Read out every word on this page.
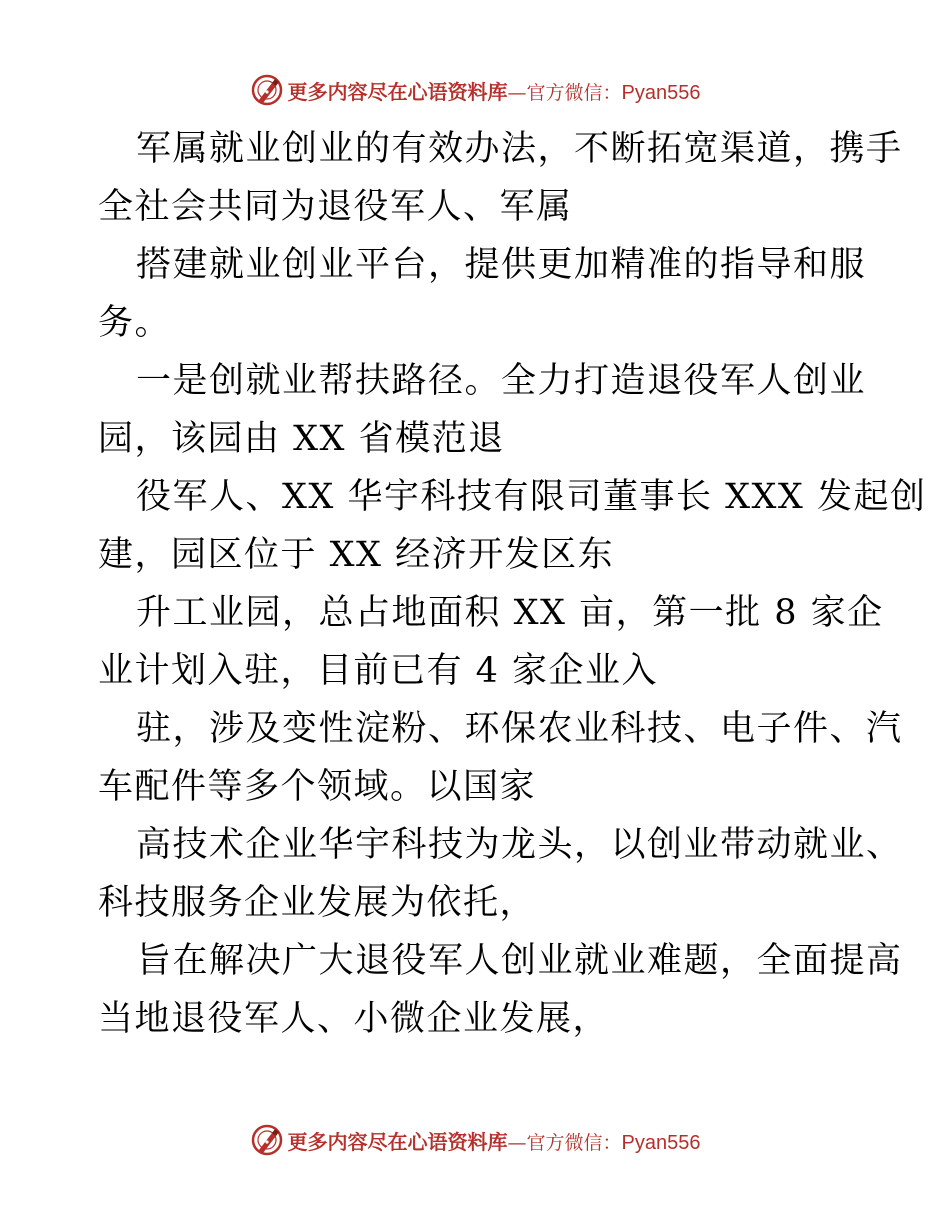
更多内容尽在心语资料库 — 官方微信： Pyan556
军属就业创业的有效办法，不断拓宽渠道，携手
全社会共同为退役军人、军属
搭建就业创业平台，提供更加精准的指导和服
务。
一是创就业帮扶路径。全力打造退役军人创业
园，该园由 XX 省模范退
役军人、XX 华宇科技有限司董事长 XXX 发起创
建，园区位于 XX 经济开发区东
升工业园，总占地面积 XX 亩，第一批 8 家企
业计划入驻，目前已有 4 家企业入
驻，涉及变性淀粉、环保农业科技、电子件、汽
车配件等多个领域。以国家
高技术企业华宇科技为龙头，以创业带动就业、
科技服务企业发展为依托，
旨在解决广大退役军人创业就业难题，全面提高
当地退役军人、小微企业发展，
更多内容尽在心语资料库 — 官方微信： Pyan556
